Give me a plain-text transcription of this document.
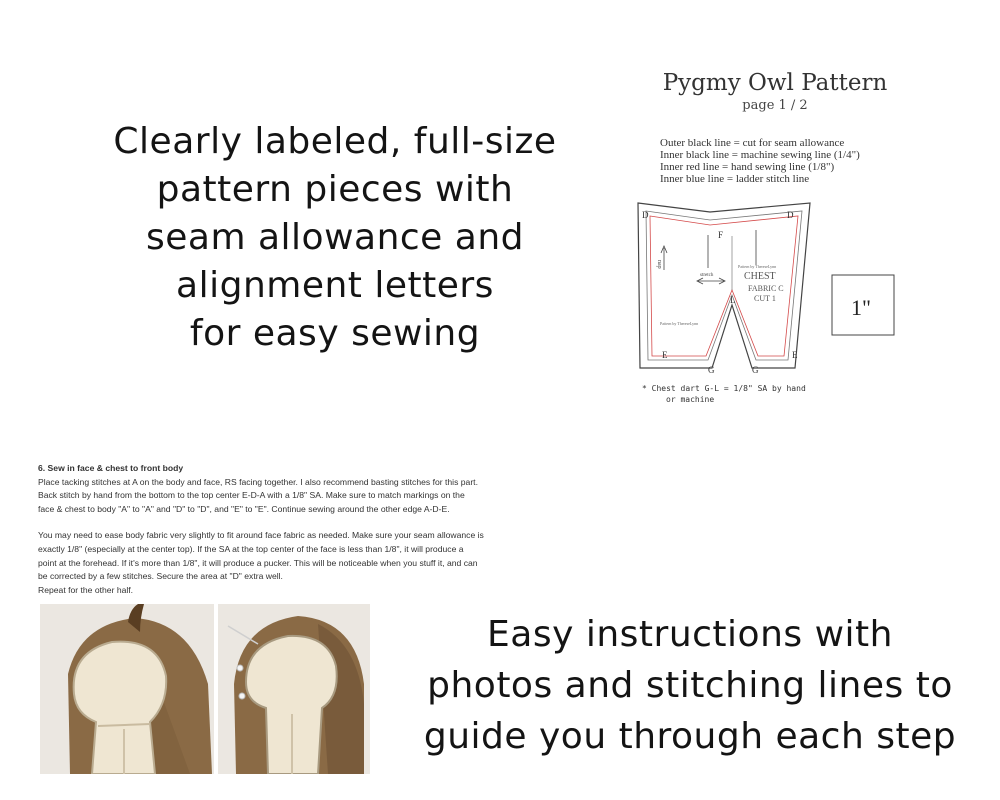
Clearly labeled, full-size
pattern pieces with
seam allowance and
alignment letters
for easy sewing
Pygmy Owl Pattern
page 1 / 2
Outer black line = cut for seam allowance
Inner black line = machine sewing line (1/4")
Inner red line = hand sewing line (1/8")
Inner blue line = ladder stitch line
D	D
F
L
E	E
G	G
nap
stretch
Pattern by ThereseLynn
Pattern by ThereseLynn
CHEST
FABRIC C
CUT 1	1"
* Chest dart G-L = 1/8" SA by hand
or machine

6. Sew in face & chest to front body

Place tacking stitches at A on the body and face, RS facing together. I also recommend basting stitches for this part.

Back stitch by hand from the bottom to the top center E-D-A with a 1/8" SA. Make sure to match markings on the

face & chest to body "A" to "A" and "D" to "D", and "E" to "E". Continue sewing around the other edge A-D-E.

You may need to ease body fabric very slightly to fit around face fabric as needed. Make sure your seam allowance is

exactly 1/8" (especially at the center top). If the SA at the top center of the face is less than 1/8", it will produce a

point at the forehead. If it's more than 1/8", it will produce a pucker. This will be noticeable when you stuff it, and can

be corrected by a few stitches. Secure the area at "D" extra well.

Repeat for the other half.

Easy instructions with
photos and stitching lines to
guide you through each step
